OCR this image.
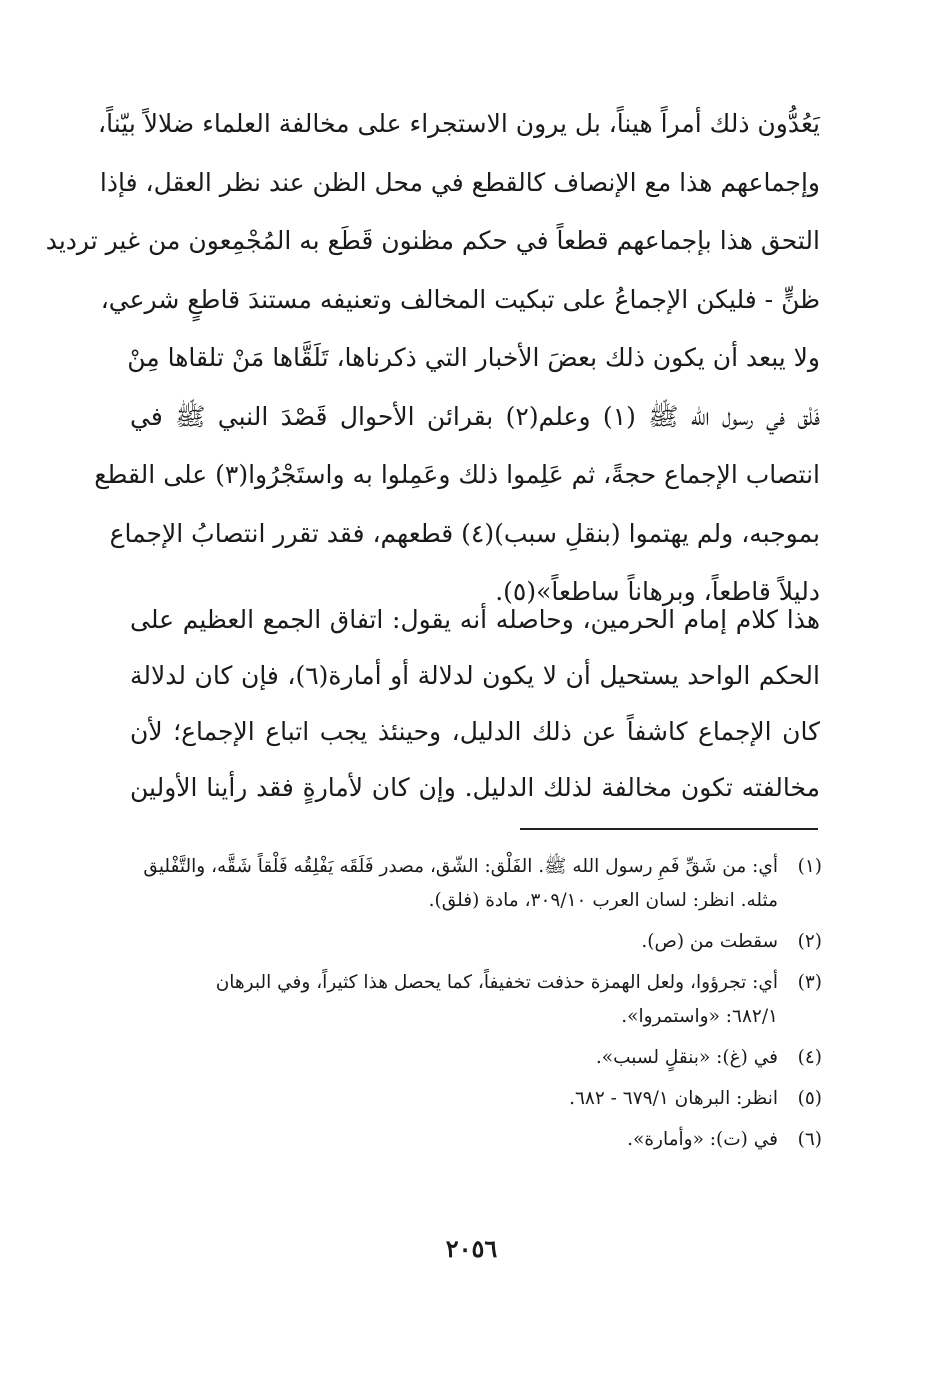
يَعُدُّون ذلك أمراً هيناً، بل يرون الاستجراء على مخالفة العلماء ضلالاً بيّناً،
وإجماعهم هذا مع الإنصاف كالقطع في محل الظن عند نظر العقل، فإذا
التحق هذا بإجماعهم قطعاً في حكم مظنون قَطَع به المُجْمِعون من غير ترديد
ظنٍّ - فليكن الإجماعُ على تبكيت المخالف وتعنيفه مستندَ قاطعٍ شرعي،
ولا يبعد أن يكون ذلك بعضَ الأخبار التي ذكرناها، تَلَقَّاها مَنْ تلقاها مِنْ
فَلْق في رسول الله ﷺ (١) وعلم(٢) بقرائن الأحوال قَصْدَ النبي ﷺ في
انتصاب الإجماع حجةً، ثم عَلِموا ذلك وعَمِلوا به واستَجْرُوا(٣) على القطع
بموجبه، ولم يهتموا (بنقلِ سبب)(٤) قطعهم، فقد تقرر انتصابُ الإجماع
دليلاً قاطعاً، وبرهاناً ساطعاً»(٥).
هذا كلام إمام الحرمين، وحاصله أنه يقول: اتفاق الجمع العظيم على
الحكم الواحد يستحيل أن لا يكون لدلالة أو أمارة(٦)، فإن كان لدلالة
كان الإجماع كاشفاً عن ذلك الدليل، وحينئذ يجب اتباع الإجماع؛ لأن
مخالفته تكون مخالفة لذلك الدليل. وإن كان لأمارةٍ فقد رأينا الأولين
(١)أي: من شَقِّ فَمِ رسول الله ﷺ. الفَلْق: الشّق، مصدر فَلَقَه يَفْلِقُه فَلْقاً شَقَّه، والتَّفْليق
مثله. انظر: لسان العرب ٣٠٩/١٠، مادة (فلق).
(٢)سقطت من (ص).
(٣)أي: تجرؤوا، ولعل الهمزة حذفت تخفيفاً، كما يحصل هذا كثيراً، وفي البرهان
٦٨٢/١: «واستمروا».
(٤)في (غ): «بنقلٍ لسبب».
(٥)انظر: البرهان ٦٧٩/١ - ٦٨٢.
(٦)في (ت): «وأمارة».
٢٠٥٦
